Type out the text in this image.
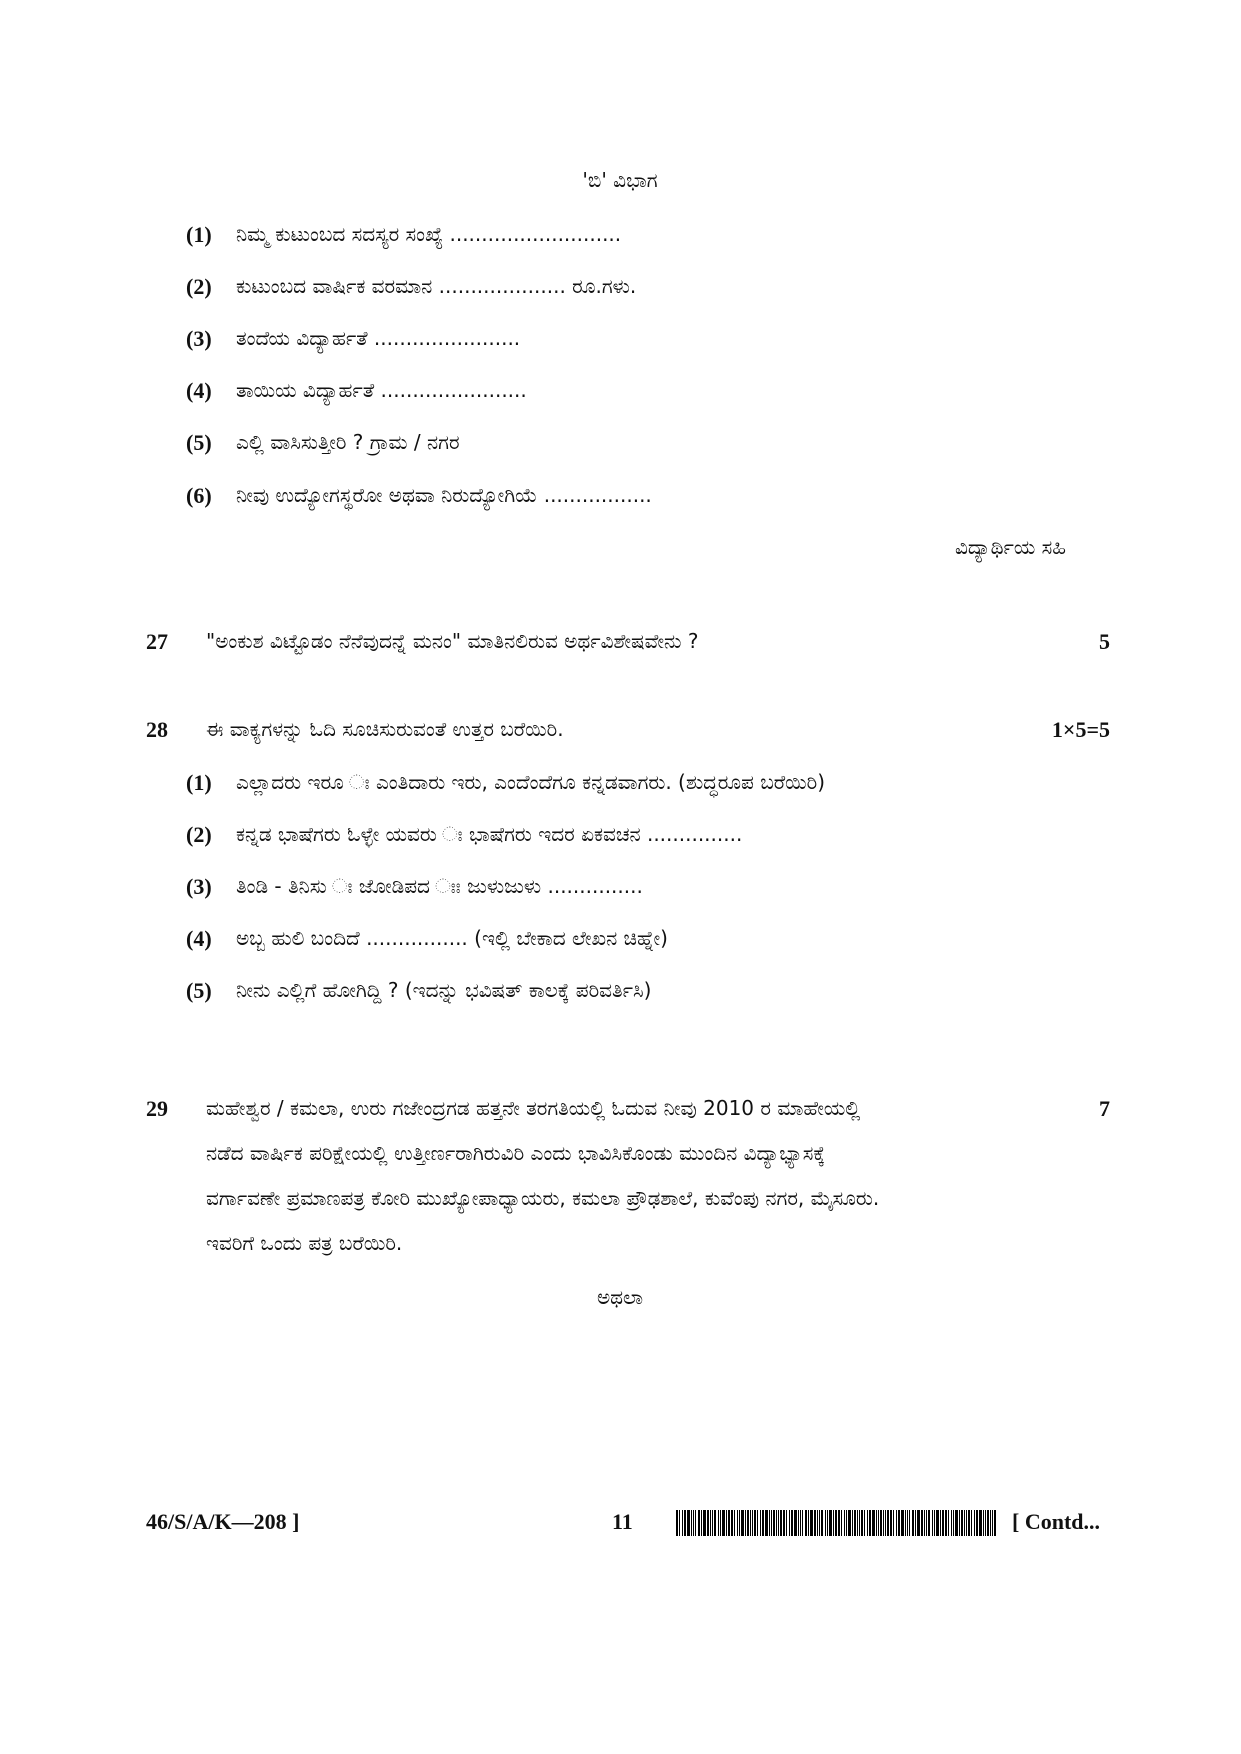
'ಬಿ' ವಿಭಾಗ
(1) ನಿಮ್ಮ ಕುಟುಂಬದ ಸದಸ್ಯರ ಸಂಖ್ಯೆ ...........................
(2) ಕುಟುಂಬದ ವಾರ್ಷಿಕ ವರಮಾನ .................... ರೂ.ಗಳು.
(3) ತಂದೆಯ ವಿದ್ಯಾರ್ಹತೆ .......................
(4) ತಾಯಿಯ ವಿದ್ಯಾರ್ಹತೆ .......................
(5) ಎಲ್ಲಿ ವಾಸಿಸುತ್ತೀರಿ ? ಗ್ರಾಮ / ನಗರ
(6) ನೀವು ಉದ್ಯೋಗಸ್ಥರೋ ಅಥವಾ ನಿರುದ್ಯೋಗಿಯೆ .................
ವಿದ್ಯಾರ್ಥಿಯ ಸಹಿ
27 "ಅಂಕುಶ ವಿಟ್ಟೊಡಂ ನೆನೆವುದನ್ನೆ ಮನಂ" ಮಾತಿನಲಿರುವ ಅರ್ಥವಿಶೇಷವೇನು ?	5
28 ಈ ವಾಕ್ಯಗಳನ್ನು ಓದಿ ಸೂಚಿಸುರುವಂತೆ ಉತ್ತರ ಬರೆಯಿರಿ.	1×5=5
(1) ಎಲ್ಲಾದರು ಇರೂ ಃ ಎಂತಿದಾರು ಇರು, ಎಂದೆಂದೆಗೂ ಕನ್ನಡವಾಗರು. (ಶುದ್ಧರೂಪ ಬರೆಯಿರಿ)
(2) ಕನ್ನಡ ಭಾಷೆಗರು ಓಳ್ಳೇ ಯವರು ಃ ಭಾಷೆಗರು ಇದರ ಏಕವಚನ ...............
(3) ತಿಂಡಿ - ತಿನಿಸು ಃ ಜೋಡಿಪದ ಃಃ ಜುಳುಜುಳು ...............
(4) ಅಬ್ಬ ಹುಲಿ ಬಂದಿದೆ ................ (ಇಲ್ಲಿ ಬೇಕಾದ ಲೇಖನ ಚಿಹ್ನೇ)
(5) ನೀನು ಎಲ್ಲಿಗೆ ಹೋಗಿದ್ದಿ ? (ಇದನ್ನು ಭವಿಷತ್ ಕಾಲಕ್ಕೆ ಪರಿವರ್ತಿಸಿ)
29 ಮಹೇಶ್ವರ / ಕಮಲಾ, ಉರು ಗಜೇಂದ್ರಗಡ ಹತ್ತನೇ ತರಗತಿಯಲ್ಲಿ ಓದುವ ನೀವು 2010 ರ ಮಾಹೇಯಲ್ಲಿ	7
ನಡೆದ ವಾರ್ಷಿಕ ಪರಿಕ್ಷೇಯಲ್ಲಿ ಉತ್ತೀರ್ಣರಾಗಿರುವಿರಿ ಎಂದು ಭಾವಿಸಿಕೊಂಡು ಮುಂದಿನ ವಿದ್ಯಾಭ್ಯಾಸಕ್ಕೆ
ವರ್ಗಾವಣೇ ಪ್ರಮಾಣಪತ್ರ ಕೋರಿ ಮುಖ್ಯೋಪಾಧ್ಯಾಯರು, ಕಮಲಾ ಪ್ರೌಢಶಾಲೆ, ಕುವೆಂಪು ನಗರ, ಮೈಸೂರು.
ಇವರಿಗೆ ಒಂದು ಪತ್ರ ಬರೆಯಿರಿ.
ಅಥಲಾ
46/S/A/K—208 ]	11	[ Contd...
